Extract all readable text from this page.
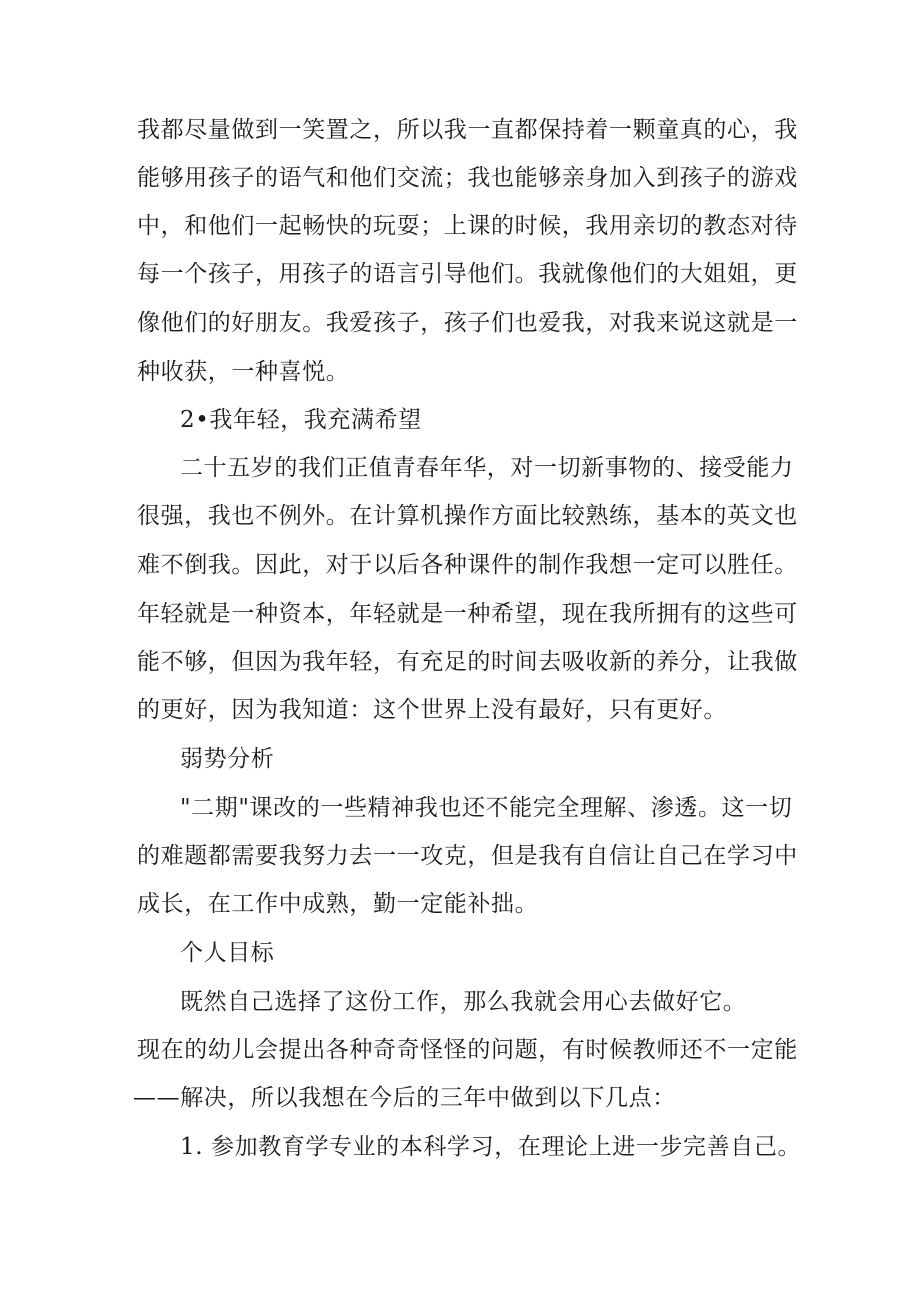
我都尽量做到一笑置之，所以我一直都保持着一颗童真的心，我
能够用孩子的语气和他们交流；我也能够亲身加入到孩子的游戏
中，和他们一起畅快的玩耍；上课的时候，我用亲切的教态对待
每一个孩子，用孩子的语言引导他们。我就像他们的大姐姐，更
像他们的好朋友。我爱孩子，孩子们也爱我，对我来说这就是一
种收获，一种喜悦。
2•我年轻，我充满希望
二十五岁的我们正值青春年华，对一切新事物的、接受能力
很强，我也不例外。在计算机操作方面比较熟练，基本的英文也
难不倒我。因此，对于以后各种课件的制作我想一定可以胜任。
年轻就是一种资本，年轻就是一种希望，现在我所拥有的这些可
能不够，但因为我年轻，有充足的时间去吸收新的养分，让我做
的更好，因为我知道：这个世界上没有最好，只有更好。
弱势分析
"二期"课改的一些精神我也还不能完全理解、渗透。这一切
的难题都需要我努力去一一攻克，但是我有自信让自己在学习中
成长，在工作中成熟，勤一定能补拙。
个人目标
既然自己选择了这份工作，那么我就会用心去做好它。
现在的幼儿会提出各种奇奇怪怪的问题，有时候教师还不一定能
——解决，所以我想在今后的三年中做到以下几点：
1. 参加教育学专业的本科学习，在理论上进一步完善自己。
